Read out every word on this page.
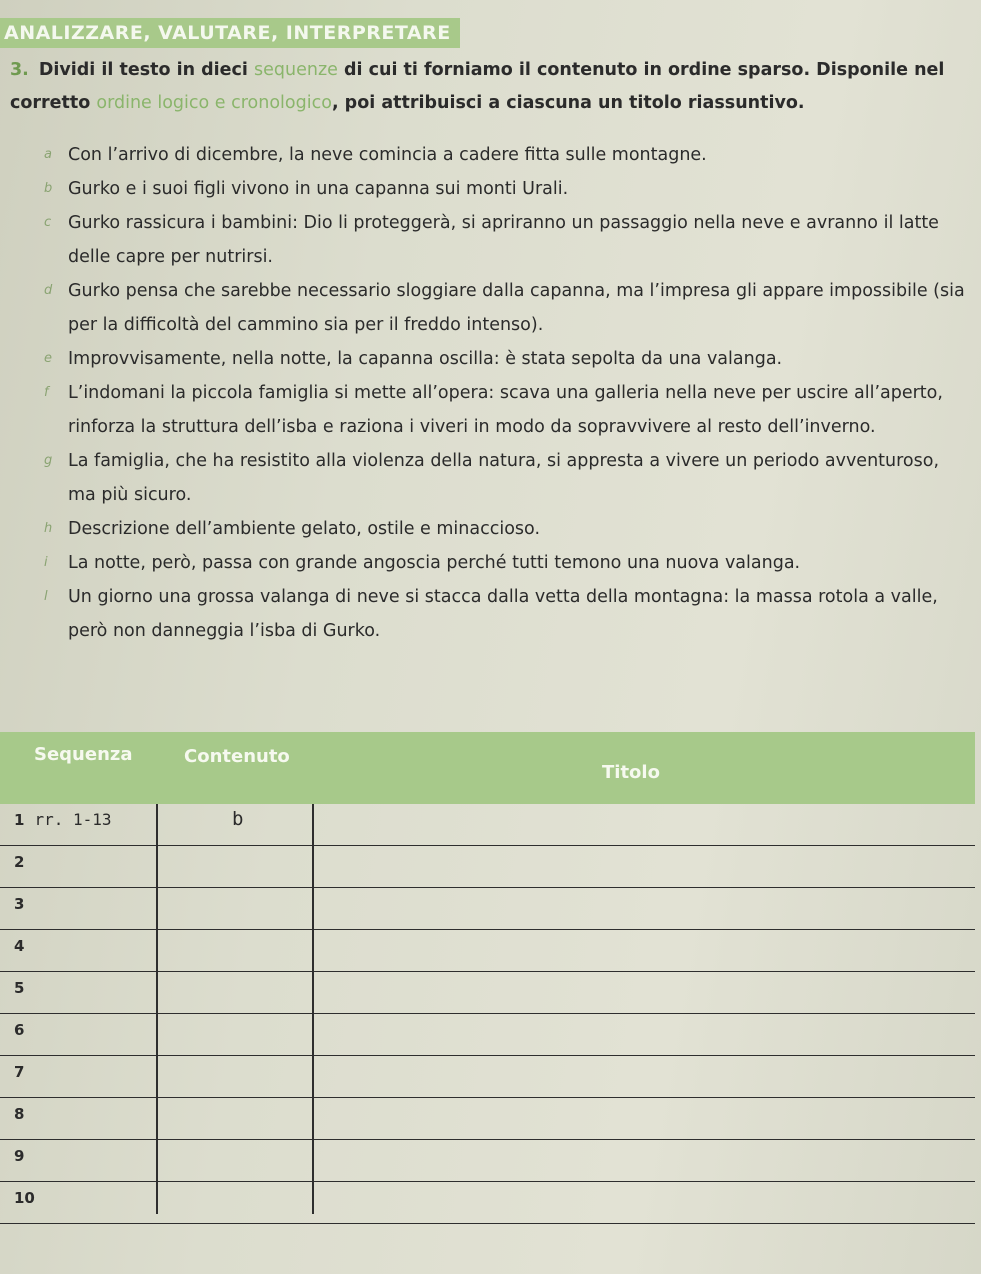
ANALIZZARE, VALUTARE, INTERPRETARE
3. Dividi il testo in dieci sequenze di cui ti forniamo il contenuto in ordine sparso. Disponile nel corretto ordine logico e cronologico, poi attribuisci a ciascuna un titolo riassuntivo.
a Con l’arrivo di dicembre, la neve comincia a cadere fitta sulle montagne.
b Gurko e i suoi figli vivono in una capanna sui monti Urali.
c Gurko rassicura i bambini: Dio li proteggerà, si apriranno un passaggio nella neve e avranno il latte delle capre per nutrirsi.
d Gurko pensa che sarebbe necessario sloggiare dalla capanna, ma l’impresa gli appare impossibile (sia per la difficoltà del cammino sia per il freddo intenso).
e Improvvisamente, nella notte, la capanna oscilla: è stata sepolta da una valanga.
f L’indomani la piccola famiglia si mette all’opera: scava una galleria nella neve per uscire all’aperto, rinforza la struttura dell’isbа e raziona i viveri in modo da sopravvivere al resto dell’inverno.
g La famiglia, che ha resistito alla violenza della natura, si appresta a vivere un periodo avventuroso, ma più sicuro.
h Descrizione dell’ambiente gelato, ostile e minaccioso.
i La notte, però, passa con grande angoscia perché tutti temono una nuova valanga.
l Un giorno una grossa valanga di neve si stacca dalla vetta della montagna: la massa rotola a valle, però non danneggia l’isbа di Gurko.
Sequenza	Contenuto
Titolo
1 rr. 1-13	b
2
3
4
5
6
7
8
9
10
